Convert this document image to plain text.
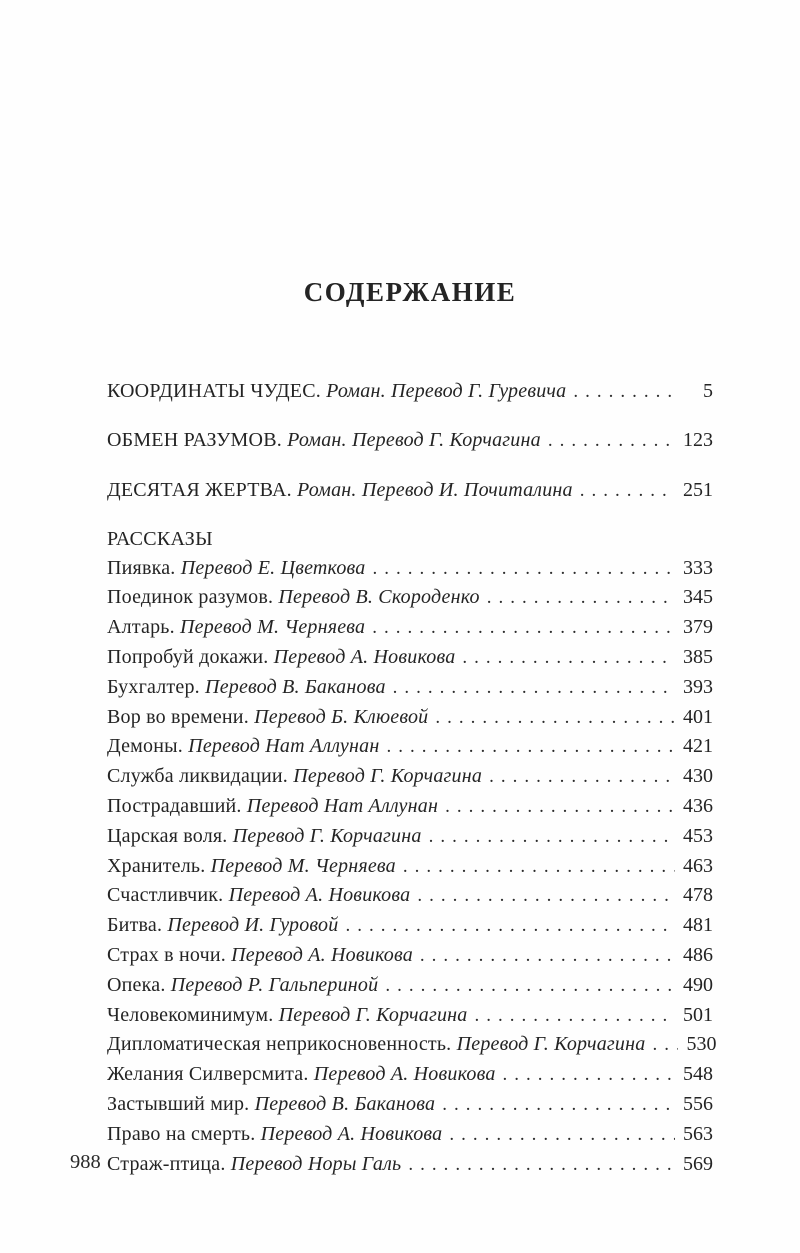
СОДЕРЖАНИЕ
КООРДИНАТЫ ЧУДЕС. Роман. Перевод Г. Гуревича .....	5
ОБМЕН РАЗУМОВ. Роман. Перевод Г. Корчагина .....	123
ДЕСЯТАЯ ЖЕРТВА. Роман. Перевод И. Почиталина .....	251
РАССКАЗЫ
Пиявка. Перевод Е. Цветкова .....	333
Поединок разумов. Перевод В. Скороденко .....	345
Алтарь. Перевод М. Черняева .....	379
Попробуй докажи. Перевод А. Новикова .....	385
Бухгалтер. Перевод В. Баканова .....	393
Вор во времени. Перевод Б. Клюевой .....	401
Демоны. Перевод Нат Аллунан .....	421
Служба ликвидации. Перевод Г. Корчагина .....	430
Пострадавший. Перевод Нат Аллунан .....	436
Царская воля. Перевод Г. Корчагина .....	453
Хранитель. Перевод М. Черняева .....	463
Счастливчик. Перевод А. Новикова .....	478
Битва. Перевод И. Гуровой .....	481
Страх в ночи. Перевод А. Новикова .....	486
Опека. Перевод Р. Гальпериной .....	490
Человекоминимум. Перевод Г. Корчагина .....	501
Дипломатическая неприкосновенность. Перевод Г. Корчагина .....	530
Желания Силверсмита. Перевод А. Новикова .....	548
Застывший мир. Перевод В. Баканова .....	556
Право на смерть. Перевод А. Новикова .....	563
Страж-птица. Перевод Норы Галь .....	569
988
